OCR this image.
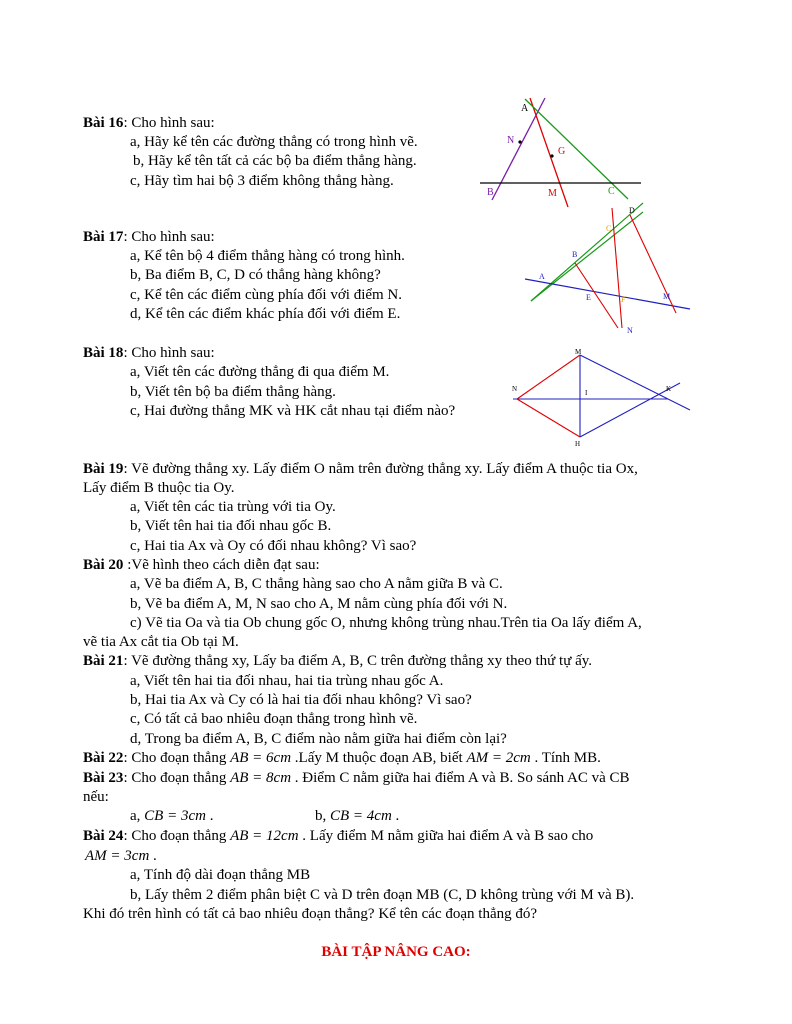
Bài 16: Cho hình sau:
a, Hãy kể tên các đường thẳng có trong hình vẽ.
b, Hãy kể tên tất cả các bộ ba điểm thẳng hàng.
c, Hãy tìm hai bộ 3 điểm không thẳng hàng.
A
N
G
B	M	C
Bài 17: Cho hình sau:
a, Kể tên bộ 4 điểm thẳng hàng có trong hình.
b, Ba điểm B, C, D có thẳng hàng không?
c, Kể tên các điểm cùng phía đối với điểm N.
d, Kể tên các điểm khác phía đối với điểm E.
D
C
B
A
E	F	M
N
Bài 18: Cho hình sau:
a, Viết tên các đường thẳng đi qua điểm M.
b, Viết tên bộ ba điểm thẳng hàng.
c, Hai đường thẳng MK và HK cắt nhau tại điểm nào?
M
N	I	K
H
Bài 19: Vẽ đường thẳng xy. Lấy điểm O nằm trên đường thẳng xy. Lấy điểm A thuộc tia Ox,
Lấy điểm B thuộc tia Oy.
a, Viết tên các tia trùng với tia Oy.
b, Viết tên hai tia đối nhau gốc B.
c, Hai tia Ax và Oy có đối nhau không? Vì sao?
Bài 20 :Vẽ hình theo cách diễn đạt sau:
a, Vẽ ba điểm A, B, C thẳng hàng sao cho A nằm giữa B và C.
b, Vẽ ba điểm A, M, N sao cho A, M nằm cùng phía đối với N.
c) Vẽ tia Oa và tia Ob chung gốc O, nhưng không trùng nhau.Trên tia Oa lấy điểm A,
vẽ tia Ax cắt tia Ob tại M.
Bài 21: Vẽ đường thẳng xy, Lấy ba điểm A, B, C trên đường thẳng xy theo thứ tự ấy.
a, Viết tên hai tia đối nhau, hai tia trùng nhau gốc A.
b, Hai tia Ax và Cy có là hai tia đối nhau không? Vì sao?
c, Có tất cả bao nhiêu đoạn thẳng trong hình vẽ.
d, Trong ba điểm A, B, C điểm nào nằm giữa hai điểm còn lại?
Bài 22: Cho đoạn thẳng AB = 6cm .Lấy M thuộc đoạn AB, biết AM = 2cm . Tính MB.
Bài 23: Cho đoạn thẳng AB = 8cm . Điểm C nằm giữa hai điểm A và B. So sánh AC và CB
nếu:
a, CB = 3cm .	b, CB = 4cm .
Bài 24: Cho đoạn thẳng AB = 12cm . Lấy điểm M nằm giữa hai điểm A và B sao cho
AM = 3cm .
a, Tính độ dài đoạn thẳng MB
b, Lấy thêm 2 điểm phân biệt C và D trên đoạn MB (C, D không trùng với M và B).
Khi đó trên hình có tất cả bao nhiêu đoạn thẳng? Kể tên các đoạn thẳng đó?
BÀI TẬP NÂNG CAO:
